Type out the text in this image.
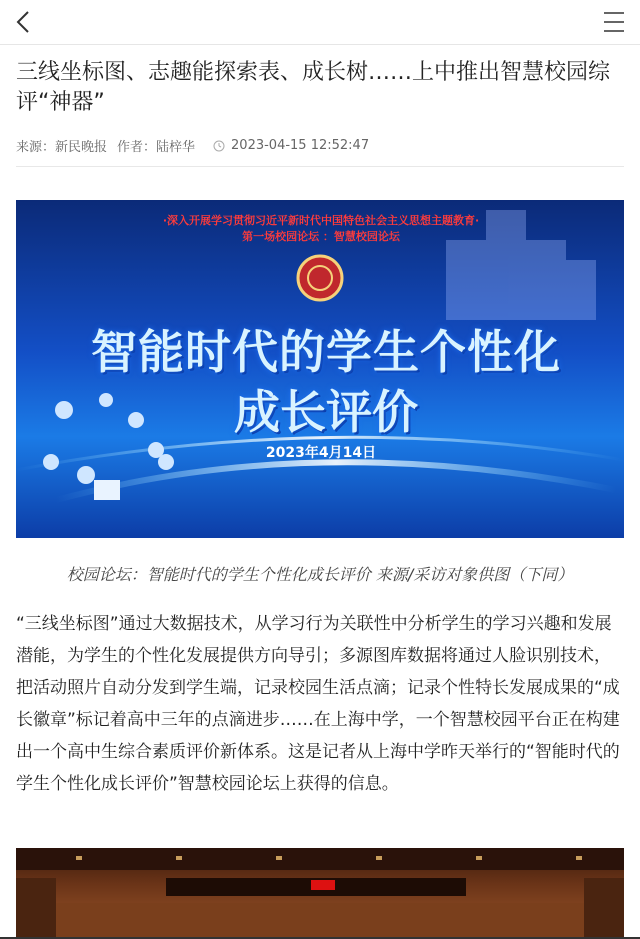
三线坐标图、志趣能探索表、成长树……上中推出智慧校园综评“神器”
来源：新民晚报 作者：陆梓华	2023-04-15 12:52:47
·深入开展学习贯彻习近平新时代中国特色社会主义思想主题教育·
第一场校园论坛 ：智慧校园论坛
智能时代的学生个性化
成长评价
2023年4月14日
校园论坛：智能时代的学生个性化成长评价 来源/采访对象供图（下同）
“三线坐标图”通过大数据技术，从学习行为关联性中分析学生的学习兴趣和发展潜能，为学生的个性化发展提供方向导引；多源图库数据将通过人脸识别技术，把活动照片自动分发到学生端，记录校园生活点滴；记录个性特长发展成果的“成长徽章”标记着高中三年的点滴进步……在上海中学，一个智慧校园平台正在构建出一个高中生综合素质评价新体系。这是记者从上海中学昨天举行的“智能时代的学生个性化成长评价”智慧校园论坛上获得的信息。
